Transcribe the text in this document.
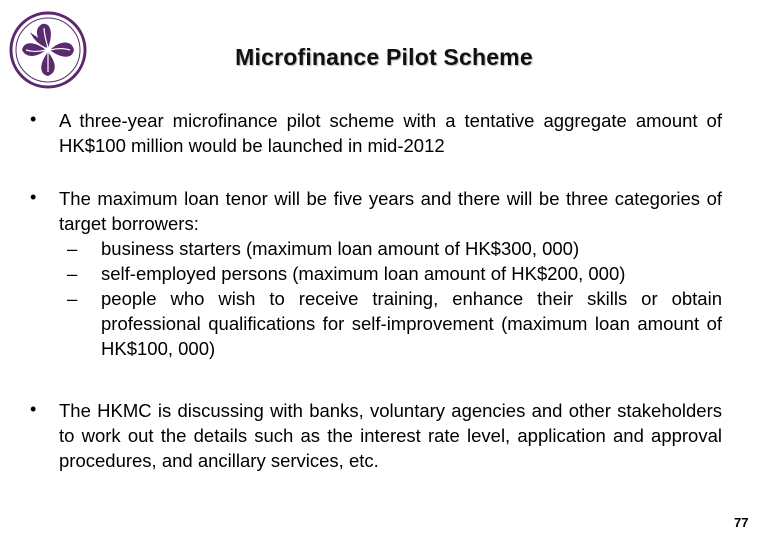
Microfinance Pilot Scheme
• A three-year microfinance pilot scheme with a tentative aggregate amount of HK$100 million would be launched in mid-2012
• The maximum loan tenor will be five years and there will be three categories of target borrowers:
– business starters (maximum loan amount of HK$300, 000)
– self-employed persons (maximum loan amount of HK$200, 000)
– people who wish to receive training, enhance their skills or obtain professional qualifications for self-improvement (maximum loan amount of HK$100, 000)
• The HKMC is discussing with banks, voluntary agencies and other stakeholders to work out the details such as the interest rate level, application and approval procedures, and ancillary services, etc.
77
